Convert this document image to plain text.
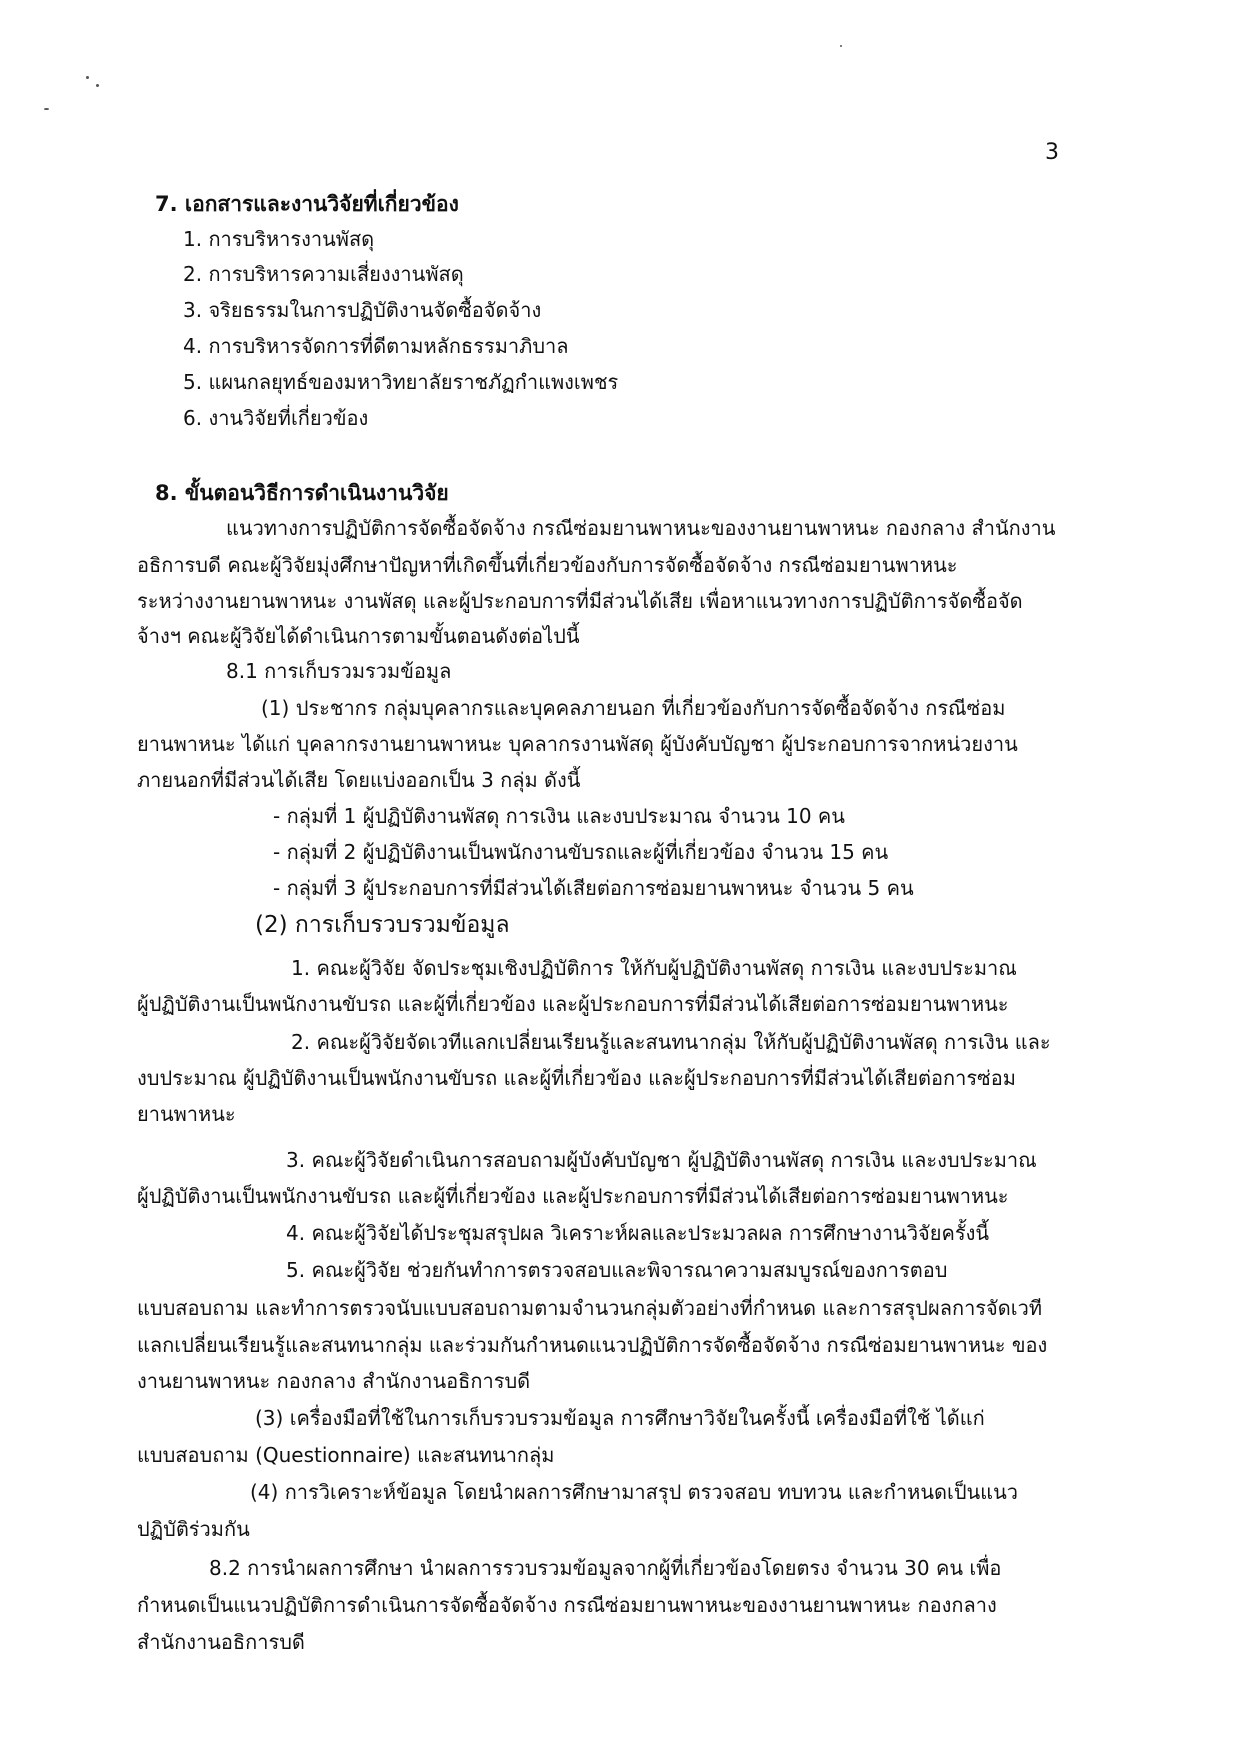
3
7. เอกสารและงานวิจัยที่เกี่ยวข้อง
1. การบริหารงานพัสดุ
2. การบริหารความเสี่ยงงานพัสดุ
3. จริยธรรมในการปฏิบัติงานจัดซื้อจัดจ้าง
4. การบริหารจัดการที่ดีตามหลักธรรมาภิบาล
5. แผนกลยุทธ์ของมหาวิทยาลัยราชภัฏกำแพงเพชร
6. งานวิจัยที่เกี่ยวข้อง
8. ขั้นตอนวิธีการดำเนินงานวิจัย
แนวทางการปฏิบัติการจัดซื้อจัดจ้าง กรณีซ่อมยานพาหนะของงานยานพาหนะ กองกลาง สำนักงาน
อธิการบดี คณะผู้วิจัยมุ่งศึกษาปัญหาที่เกิดขึ้นที่เกี่ยวข้องกับการจัดซื้อจัดจ้าง กรณีซ่อมยานพาหนะ
ระหว่างงานยานพาหนะ งานพัสดุ และผู้ประกอบการที่มีส่วนได้เสีย เพื่อหาแนวทางการปฏิบัติการจัดซื้อจัด
จ้างฯ คณะผู้วิจัยได้ดำเนินการตามขั้นตอนดังต่อไปนี้
8.1 การเก็บรวมรวมข้อมูล
(1) ประชากร กลุ่มบุคลากรและบุคคลภายนอก ที่เกี่ยวข้องกับการจัดซื้อจัดจ้าง กรณีซ่อม
ยานพาหนะ ได้แก่ บุคลากรงานยานพาหนะ บุคลากรงานพัสดุ ผู้บังคับบัญชา ผู้ประกอบการจากหน่วยงาน
ภายนอกที่มีส่วนได้เสีย โดยแบ่งออกเป็น 3 กลุ่ม ดังนี้
- กลุ่มที่ 1 ผู้ปฏิบัติงานพัสดุ การเงิน และงบประมาณ จำนวน 10 คน
- กลุ่มที่ 2 ผู้ปฏิบัติงานเป็นพนักงานขับรถและผู้ที่เกี่ยวข้อง จำนวน 15 คน
- กลุ่มที่ 3 ผู้ประกอบการที่มีส่วนได้เสียต่อการซ่อมยานพาหนะ จำนวน 5 คน
(2) การเก็บรวบรวมข้อมูล
1. คณะผู้วิจัย จัดประชุมเชิงปฏิบัติการ ให้กับผู้ปฏิบัติงานพัสดุ การเงิน และงบประมาณ
ผู้ปฏิบัติงานเป็นพนักงานขับรถ และผู้ที่เกี่ยวข้อง และผู้ประกอบการที่มีส่วนได้เสียต่อการซ่อมยานพาหนะ
2. คณะผู้วิจัยจัดเวทีแลกเปลี่ยนเรียนรู้และสนทนากลุ่ม ให้กับผู้ปฏิบัติงานพัสดุ การเงิน และ
งบประมาณ ผู้ปฏิบัติงานเป็นพนักงานขับรถ และผู้ที่เกี่ยวข้อง และผู้ประกอบการที่มีส่วนได้เสียต่อการซ่อม
ยานพาหนะ
3. คณะผู้วิจัยดำเนินการสอบถามผู้บังคับบัญชา ผู้ปฏิบัติงานพัสดุ การเงิน และงบประมาณ
ผู้ปฏิบัติงานเป็นพนักงานขับรถ และผู้ที่เกี่ยวข้อง และผู้ประกอบการที่มีส่วนได้เสียต่อการซ่อมยานพาหนะ
4. คณะผู้วิจัยได้ประชุมสรุปผล วิเคราะห์ผลและประมวลผล การศึกษางานวิจัยครั้งนี้
5. คณะผู้วิจัย ช่วยกันทำการตรวจสอบและพิจารณาความสมบูรณ์ของการตอบ
แบบสอบถาม และทำการตรวจนับแบบสอบถามตามจำนวนกลุ่มตัวอย่างที่กำหนด และการสรุปผลการจัดเวที
แลกเปลี่ยนเรียนรู้และสนทนากลุ่ม และร่วมกันกำหนดแนวปฏิบัติการจัดซื้อจัดจ้าง กรณีซ่อมยานพาหนะ ของ
งานยานพาหนะ กองกลาง สำนักงานอธิการบดี
(3) เครื่องมือที่ใช้ในการเก็บรวบรวมข้อมูล การศึกษาวิจัยในครั้งนี้ เครื่องมือที่ใช้ ได้แก่
แบบสอบถาม (Questionnaire) และสนทนากลุ่ม
(4) การวิเคราะห์ข้อมูล โดยนำผลการศึกษามาสรุป ตรวจสอบ ทบทวน และกำหนดเป็นแนว
ปฏิบัติร่วมกัน
8.2 การนำผลการศึกษา นำผลการรวบรวมข้อมูลจากผู้ที่เกี่ยวข้องโดยตรง จำนวน 30 คน เพื่อ
กำหนดเป็นแนวปฏิบัติการดำเนินการจัดซื้อจัดจ้าง กรณีซ่อมยานพาหนะของงานยานพาหนะ กองกลาง
สำนักงานอธิการบดี
